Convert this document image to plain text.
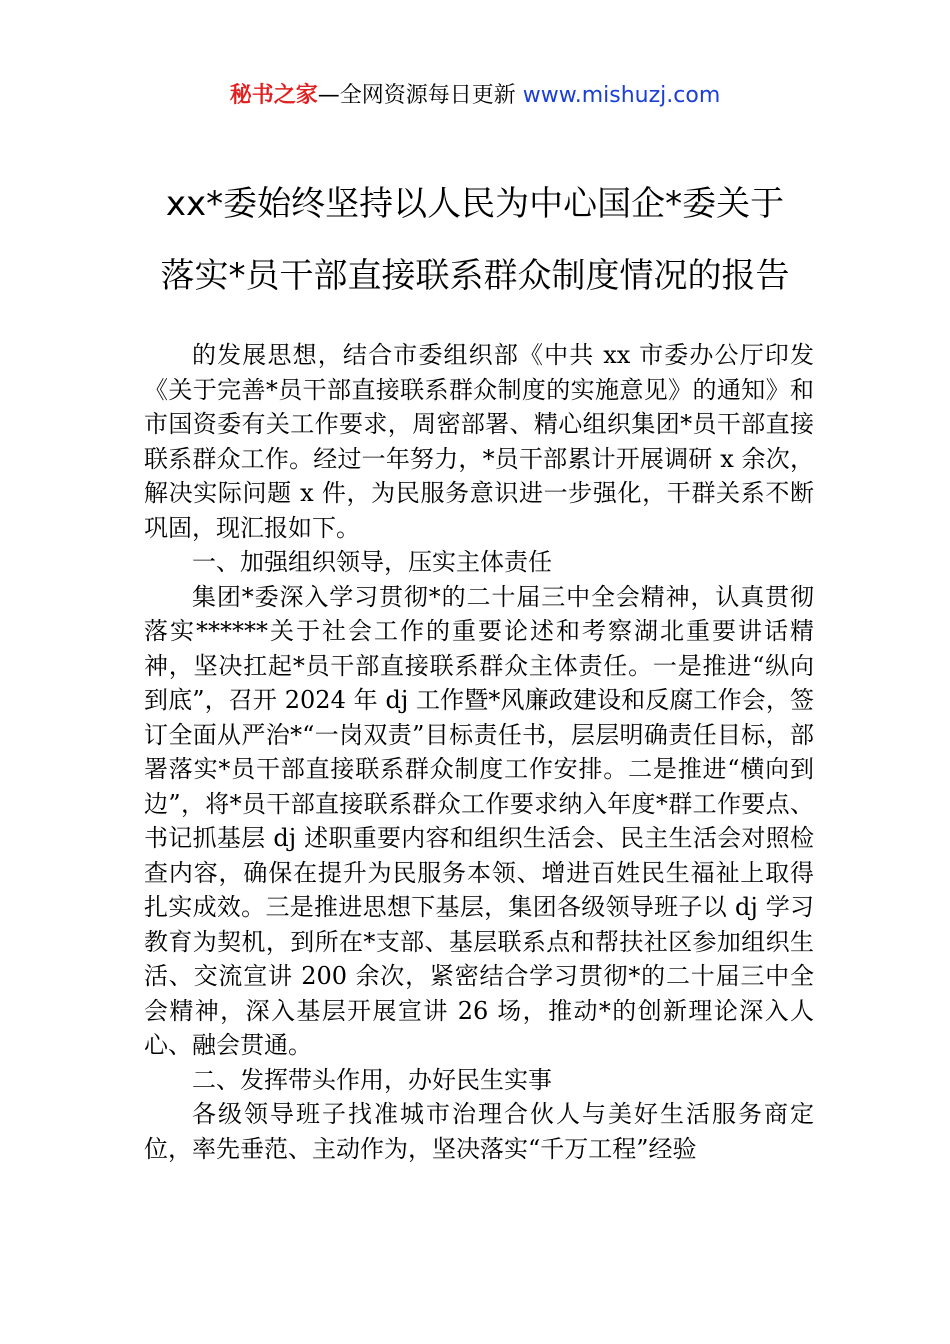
秘书之家—全网资源每日更新 www.mishuzj.com
xx*委始终坚持以人民为中心国企*委关于
落实*员干部直接联系群众制度情况的报告

的发展思想，结合市委组织部《中共 xx 市委办公厅印发《关于完善*员干部直接联系群众制度的实施意见》的通知》和市国资委有关工作要求，周密部署、精心组织集团*员干部直接联系群众工作。经过一年努力，*员干部累计开展调研 x 余次，解决实际问题 x 件，为民服务意识进一步强化，干群关系不断巩固，现汇报如下。

一、加强组织领导，压实主体责任

集团*委深入学习贯彻*的二十届三中全会精神，认真贯彻落实******关于社会工作的重要论述和考察湖北重要讲话精神，坚决扛起*员干部直接联系群众主体责任。一是推进“纵向到底”，召开 2024 年 dj 工作暨*风廉政建设和反腐工作会，签订全面从严治*“一岗双责”目标责任书，层层明确责任目标，部署落实*员干部直接联系群众制度工作安排。二是推进“横向到边”，将*员干部直接联系群众工作要求纳入年度*群工作要点、书记抓基层 dj 述职重要内容和组织生活会、民主生活会对照检查内容，确保在提升为民服务本领、增进百姓民生福祉上取得扎实成效。三是推进思想下基层，集团各级领导班子以 dj 学习教育为契机，到所在*支部、基层联系点和帮扶社区参加组织生活、交流宣讲 200 余次，紧密结合学习贯彻*的二十届三中全会精神，深入基层开展宣讲 26 场，推动*的创新理论深入人心、融会贯通。

二、发挥带头作用，办好民生实事

各级领导班子找准城市治理合伙人与美好生活服务商定位，率先垂范、主动作为，坚决落实“千万工程”经验
